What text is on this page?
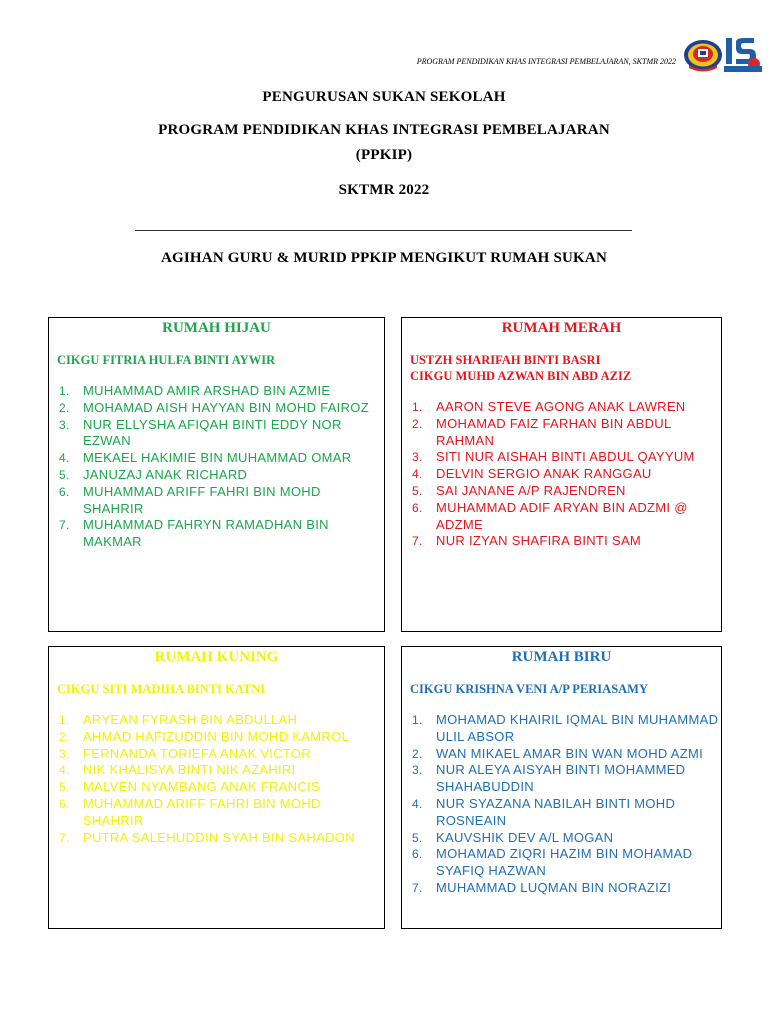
PROGRAM PENDIDIKAN KHAS INTEGRASI PEMBELAJARAN, SKTMR 2022
PENGURUSAN SUKAN SEKOLAH
PROGRAM PENDIDIKAN KHAS INTEGRASI PEMBELAJARAN
(PPKIP)
SKTMR 2022
AGIHAN GURU & MURID PPKIP MENGIKUT RUMAH SUKAN
RUMAH HIJAU
CIKGU FITRIA HULFA BINTI AYWIR
1.	MUHAMMAD AMIR ARSHAD BIN AZMIE
2.	MOHAMAD AISH HAYYAN BIN MOHD FAIROZ
3.	NUR ELLYSHA AFIQAH BINTI EDDY NOR EZWAN
4.	MEKAEL HAKIMIE BIN MUHAMMAD OMAR
5.	JANUZAJ ANAK RICHARD
6.	MUHAMMAD ARIFF FAHRI BIN MOHD SHAHRIR
7.	MUHAMMAD FAHRYN RAMADHAN BIN MAKMAR
RUMAH MERAH
USTZH SHARIFAH BINTI BASRI
CIKGU MUHD AZWAN BIN ABD AZIZ
1.	AARON STEVE AGONG ANAK LAWREN
2.	MOHAMAD FAIZ FARHAN BIN ABDUL RAHMAN
3.	SITI NUR AISHAH BINTI ABDUL QAYYUM
4.	DELVIN SERGIO ANAK RANGGAU
5.	SAI JANANE A/P RAJENDREN
6.	MUHAMMAD ADIF ARYAN BIN ADZMI @ ADZME
7.	NUR IZYAN SHAFIRA BINTI SAM
RUMAH KUNING
CIKGU SITI MADIHA BINTI KATNI
1.	ARYEAN FYRASH BIN ABDULLAH
2.	AHMAD HAFIZUDDIN BIN MOHD KAMROL
3.	FERNANDA TORIEFA ANAK VICTOR
4.	NIK KHALISYA BINTI NIK AZAHIRI
5.	MALVEN NYAMBANG ANAK FRANCIS
6.	MUHAMMAD ARIFF FAHRI BIN MOHD SHAHRIR
7.	PUTRA SALEHUDDIN SYAH BIN SAHADON
RUMAH BIRU
CIKGU KRISHNA VENI A/P PERIASAMY
1.	MOHAMAD KHAIRIL IQMAL BIN MUHAMMAD ULIL ABSOR
2.	WAN MIKAEL AMAR BIN WAN MOHD AZMI
3.	NUR ALEYA AISYAH BINTI MOHAMMED SHAHABUDDIN
4.	NUR SYAZANA NABILAH BINTI MOHD ROSNEAIN
5.	KAUVSHIK DEV A/L MOGAN
6.	MOHAMAD ZIQRI HAZIM BIN MOHAMAD SYAFIQ HAZWAN
7.	MUHAMMAD LUQMAN BIN NORAZIZI
